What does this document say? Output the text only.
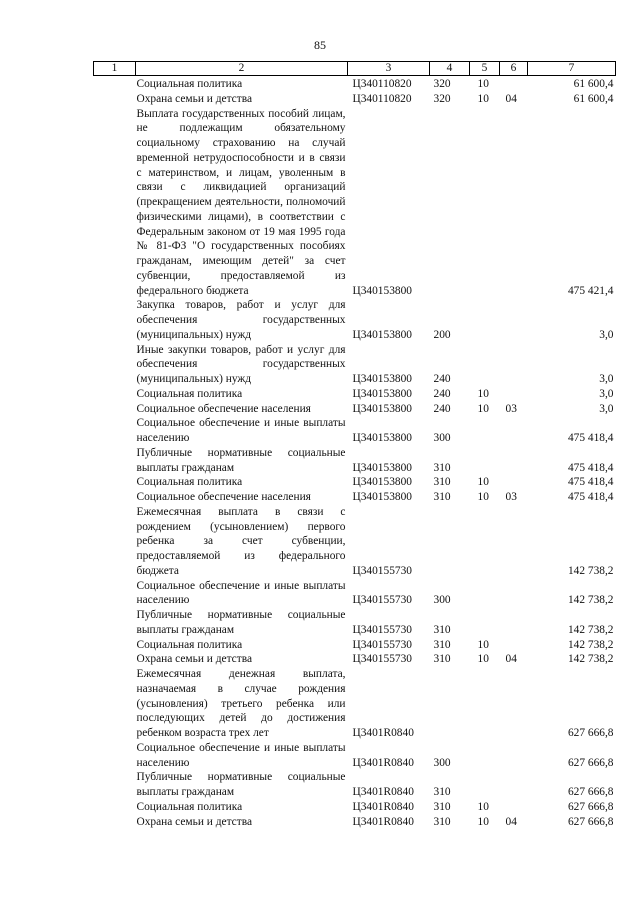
85
1	2	3	4	5	6	7
	Социальная политика	Ц340110820	320	10		61 600,4
	Охрана семьи и детства	Ц340110820	320	10	04	61 600,4
	Выплата государственных пособий лицам, не подлежащим обязательному социальному страхованию на случай временной нетрудоспособности и в связи с материнством, и лицам, уволенным в связи с ликвидацией организаций (прекращением деятельности, полномочий физическими лицами), в соответствии с Федеральным законом от 19 мая 1995 года № 81-ФЗ "О государственных пособиях гражданам, имеющим детей" за счет субвенции, предоставляемой из федерального бюджета	Ц340153800				475 421,4
	Закупка товаров, работ и услуг для обеспечения государственных (муниципальных) нужд	Ц340153800	200			3,0
	Иные закупки товаров, работ и услуг для обеспечения государственных (муниципальных) нужд	Ц340153800	240			3,0
	Социальная политика	Ц340153800	240	10		3,0
	Социальное обеспечение населения	Ц340153800	240	10	03	3,0
	Социальное обеспечение и иные выплаты населению	Ц340153800	300			475 418,4
	Публичные нормативные социальные выплаты гражданам	Ц340153800	310			475 418,4
	Социальная политика	Ц340153800	310	10		475 418,4
	Социальное обеспечение населения	Ц340153800	310	10	03	475 418,4
	Ежемесячная выплата в связи с рождением (усыновлением) первого ребенка за счет субвенции, предоставляемой из федерального бюджета	Ц340155730				142 738,2
	Социальное обеспечение и иные выплаты населению	Ц340155730	300			142 738,2
	Публичные нормативные социальные выплаты гражданам	Ц340155730	310			142 738,2
	Социальная политика	Ц340155730	310	10		142 738,2
	Охрана семьи и детства	Ц340155730	310	10	04	142 738,2
	Ежемесячная денежная выплата, назначаемая в случае рождения (усыновления) третьего ребенка или последующих детей до достижения ребенком возраста трех лет	Ц3401R0840				627 666,8
	Социальное обеспечение и иные выплаты населению	Ц3401R0840	300			627 666,8
	Публичные нормативные социальные выплаты гражданам	Ц3401R0840	310			627 666,8
	Социальная политика	Ц3401R0840	310	10		627 666,8
	Охрана семьи и детства	Ц3401R0840	310	10	04	627 666,8
